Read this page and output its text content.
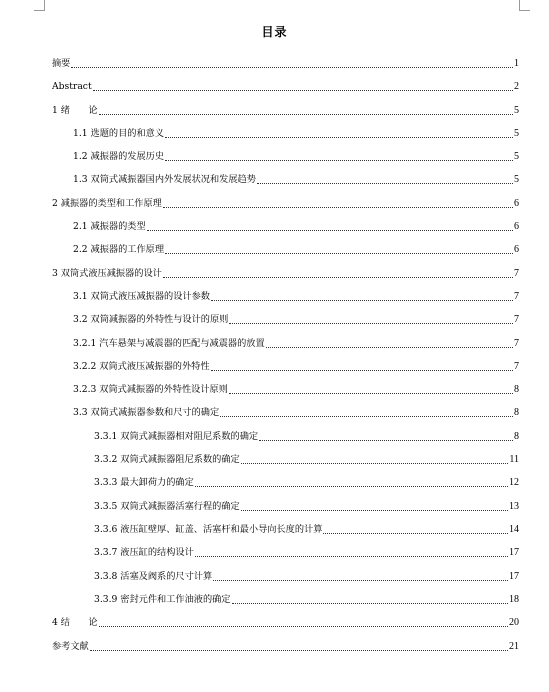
目录
摘要	1
Abstract	2
1 绪　　论	5
1.1 选题的目的和意义	5
1.2 减振器的发展历史	5
1.3 双筒式减振器国内外发展状况和发展趋势	5
2 减振器的类型和工作原理	6
2.1 减振器的类型	6
2.2 减振器的工作原理	6
3 双筒式液压减振器的设计	7
3.1 双筒式液压减振器的设计参数	7
3.2 双筒减振器的外特性与设计的原则	7
3.2.1 汽车悬架与减震器的匹配与减震器的放置	7
3.2.2 双筒式液压减振器的外特性	7
3.2.3 双筒式减振器的外特性设计原则	8
3.3 双筒式减振器参数和尺寸的确定	8
3.3.1 双筒式减振器相对阻尼系数的确定	8
3.3.2 双筒式减振器阻尼系数的确定	11
3.3.3 最大卸荷力的确定	12
3.3.5 双筒式减振器活塞行程的确定	13
3.3.6 液压缸壁厚、缸盖、活塞杆和最小导向长度的计算	14
3.3.7 液压缸的结构设计	17
3.3.8 活塞及阀系的尺寸计算	17
3.3.9 密封元件和工作油液的确定	18
4 结　　论	20
参考文献	21
